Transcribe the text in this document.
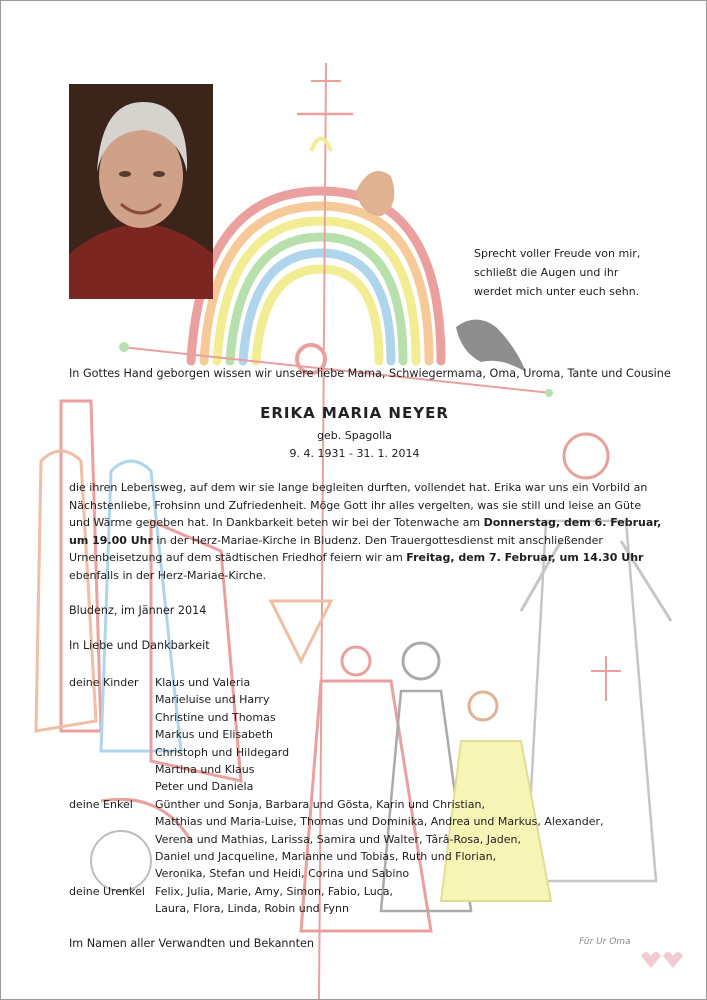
Sprecht voller Freude von mir,
schließt die Augen und ihr
werdet mich unter euch sehn.
In Gottes Hand geborgen wissen wir unsere liebe Mama, Schwiegermama, Oma, Uroma, Tante und Cousine
ERIKA MARIA NEYER
geb. Spagolla
9. 4. 1931 - 31. 1. 2014
die ihren Lebensweg, auf dem wir sie lange begleiten durften, vollendet hat. Erika war uns ein Vorbild an
Nächstenliebe, Frohsinn und Zufriedenheit. Möge Gott ihr alles vergelten, was sie still und leise an Güte
und Wärme gegeben hat. In Dankbarkeit beten wir bei der Totenwache am Donnerstag, dem 6. Februar,
um 19.00 Uhr in der Herz-Mariae-Kirche in Bludenz. Den Trauergottesdienst mit anschließender
Urnenbeisetzung auf dem städtischen Friedhof feiern wir am Freitag, dem 7. Februar, um 14.30 Uhr
ebenfalls in der Herz-Mariae-Kirche.
Bludenz, im Jänner 2014
In Liebe und Dankbarkeit
deine Kinder	Klaus und Valeria
Marieluise und Harry
Christine und Thomas
Markus und Elisabeth
Christoph und Hildegard
Martina und Klaus
Peter und Daniela
deine Enkel	Günther und Sonja, Barbara und Gösta, Karin und Christian,
Matthias und Maria-Luise, Thomas und Dominika, Andrea und Markus, Alexander,
Verena und Mathias, Larissa, Samira und Walter, Târâ-Rosa, Jaden,
Daniel und Jacqueline, Marianne und Tobias, Ruth und Florian,
Veronika, Stefan und Heidi, Corina und Sabino
deine Urenkel Felix, Julia, Marie, Amy, Simon, Fabio, Luca,
Laura, Flora, Linda, Robin und Fynn
Im Namen aller Verwandten und Bekannten	Für Ur Oma
